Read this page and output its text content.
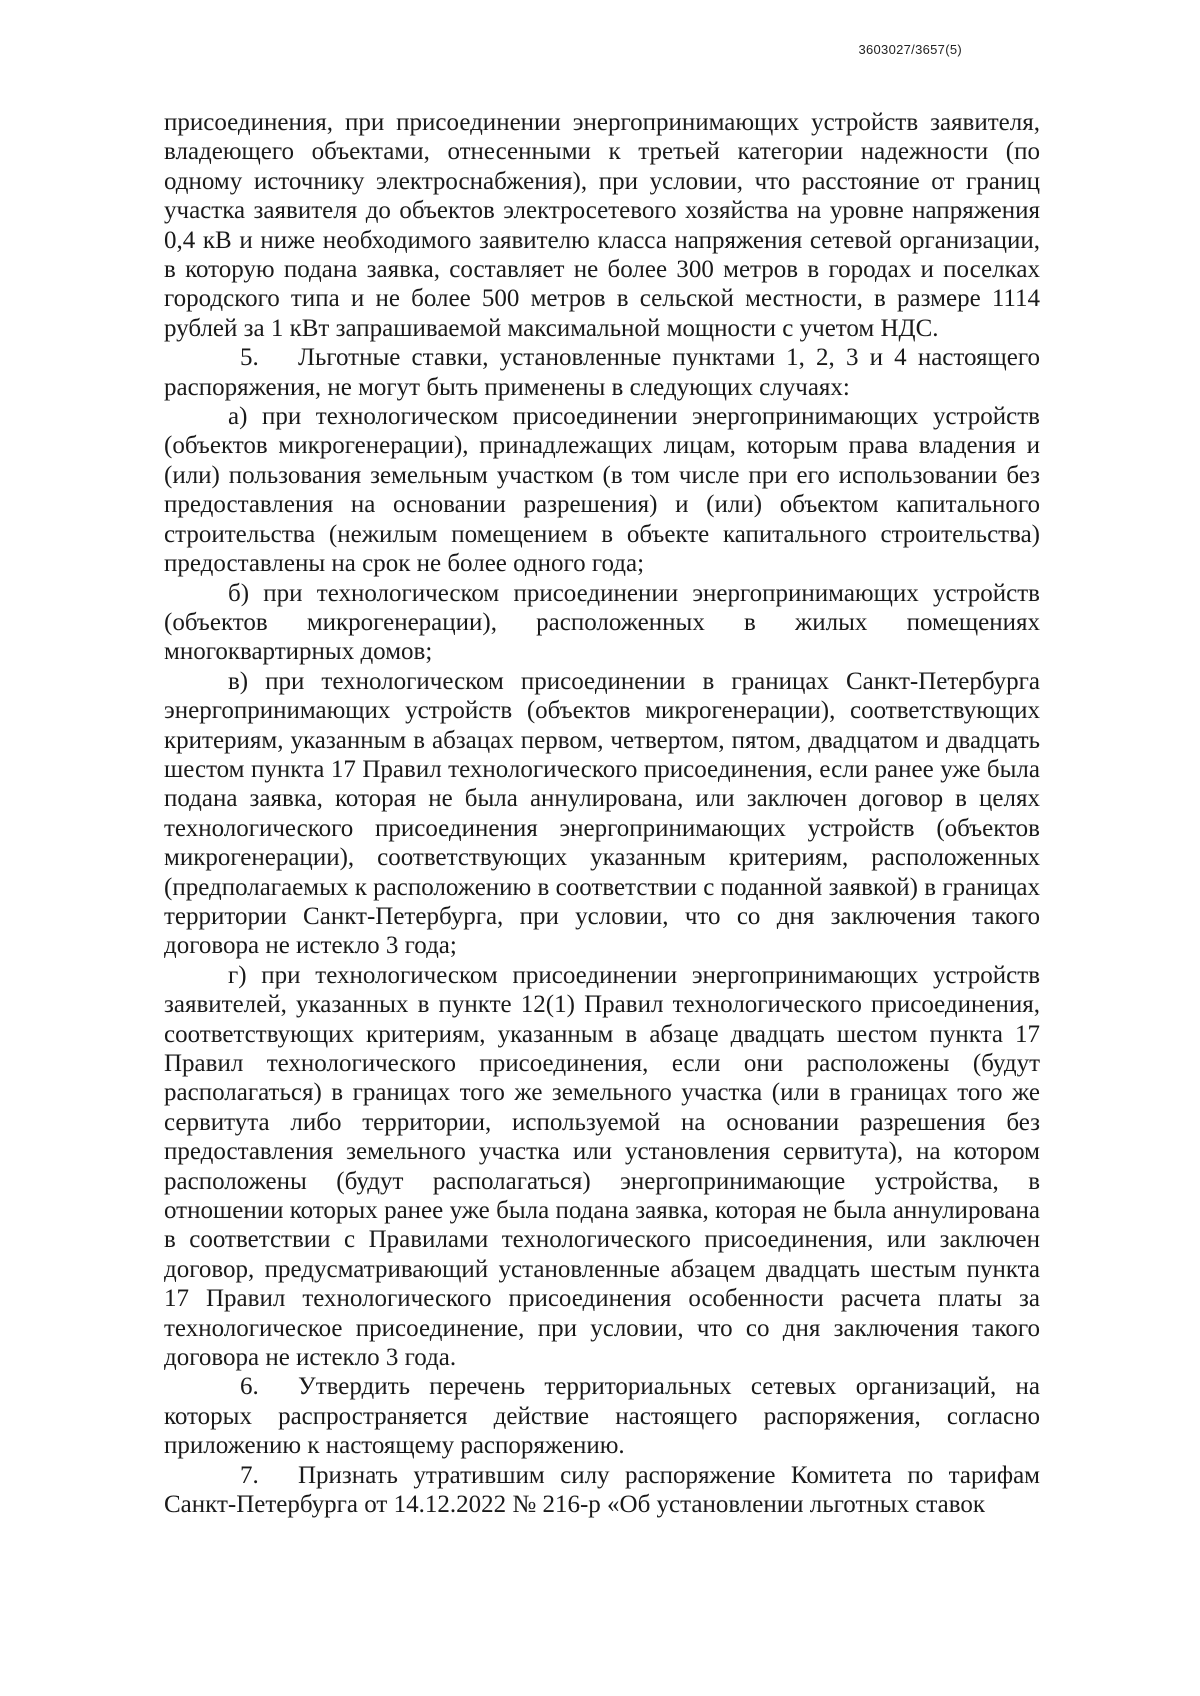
3603027/3657(5)

присоединения, при присоединении энергопринимающих устройств заявителя, владеющего объектами, отнесенными к третьей категории надежности (по одному источнику электроснабжения), при условии, что расстояние от границ участка заявителя до объектов электросетевого хозяйства на уровне напряжения 0,4 кВ и ниже необходимого заявителю класса напряжения сетевой организации, в которую подана заявка, составляет не более 300 метров в городах и поселках городского типа и не более 500 метров в сельской местности, в размере 1114 рублей за 1 кВт запрашиваемой максимальной мощности с учетом НДС.

5. Льготные ставки, установленные пунктами 1, 2, 3 и 4 настоящего распоряжения, не могут быть применены в следующих случаях:

а) при технологическом присоединении энергопринимающих устройств (объектов микрогенерации), принадлежащих лицам, которым права владения и (или) пользования земельным участком (в том числе при его использовании без предоставления на основании разрешения) и (или) объектом капитального строительства (нежилым помещением в объекте капитального строительства) предоставлены на срок не более одного года;

б) при технологическом присоединении энергопринимающих устройств (объектов микрогенерации), расположенных в жилых помещениях многоквартирных домов;

в) при технологическом присоединении в границах Санкт-Петербурга энергопринимающих устройств (объектов микрогенерации), соответствующих критериям, указанным в абзацах первом, четвертом, пятом, двадцатом и двадцать шестом пункта 17 Правил технологического присоединения, если ранее уже была подана заявка, которая не была аннулирована, или заключен договор в целях технологического присоединения энергопринимающих устройств (объектов микрогенерации), соответствующих указанным критериям, расположенных (предполагаемых к расположению в соответствии с поданной заявкой) в границах территории Санкт-Петербурга, при условии, что со дня заключения такого договора не истекло 3 года;

г) при технологическом присоединении энергопринимающих устройств заявителей, указанных в пункте 12(1) Правил технологического присоединения, соответствующих критериям, указанным в абзаце двадцать шестом пункта 17 Правил технологического присоединения, если они расположены (будут располагаться) в границах того же земельного участка (или в границах того же сервитута либо территории, используемой на основании разрешения без предоставления земельного участка или установления сервитута), на котором расположены (будут располагаться) энергопринимающие устройства, в отношении которых ранее уже была подана заявка, которая не была аннулирована в соответствии с Правилами технологического присоединения, или заключен договор, предусматривающий установленные абзацем двадцать шестым пункта 17 Правил технологического присоединения особенности расчета платы за технологическое присоединение, при условии, что со дня заключения такого договора не истекло 3 года.

6. Утвердить перечень территориальных сетевых организаций, на которых распространяется действие настоящего распоряжения, согласно приложению к настоящему распоряжению.

7. Признать утратившим силу распоряжение Комитета по тарифам Санкт-Петербурга от 14.12.2022 № 216-р «Об установлении льготных ставок
